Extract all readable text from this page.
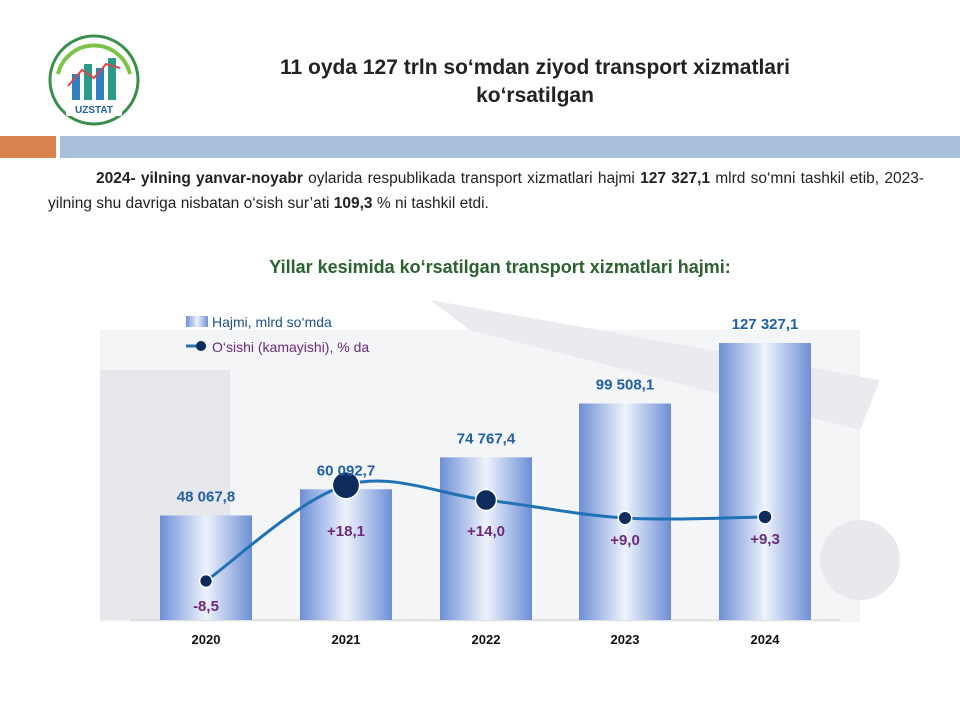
UZSTAT
11 oyda 127 trln so‘mdan ziyod transport xizmatlari
ko‘rsatilgan
2024- yilning yanvar-noyabr oylarida respublikada transport xizmatlari hajmi 127 327,1 mlrd so‘mni tashkil etib, 2023- yilning shu davriga nisbatan o‘sish sur’ati 109,3 % ni tashkil etdi.
Yillar kesimida ko‘rsatilgan transport xizmatlari hajmi:
Hajmi, mlrd so‘mda
O‘sishi (kamayishi), % da
48 067,8
2020
60 092,7
2021
74 767,4
2022
99 508,1
2023
127 327,1
2024
-8,5
+18,1	+14,0
+9,0	+9,3
